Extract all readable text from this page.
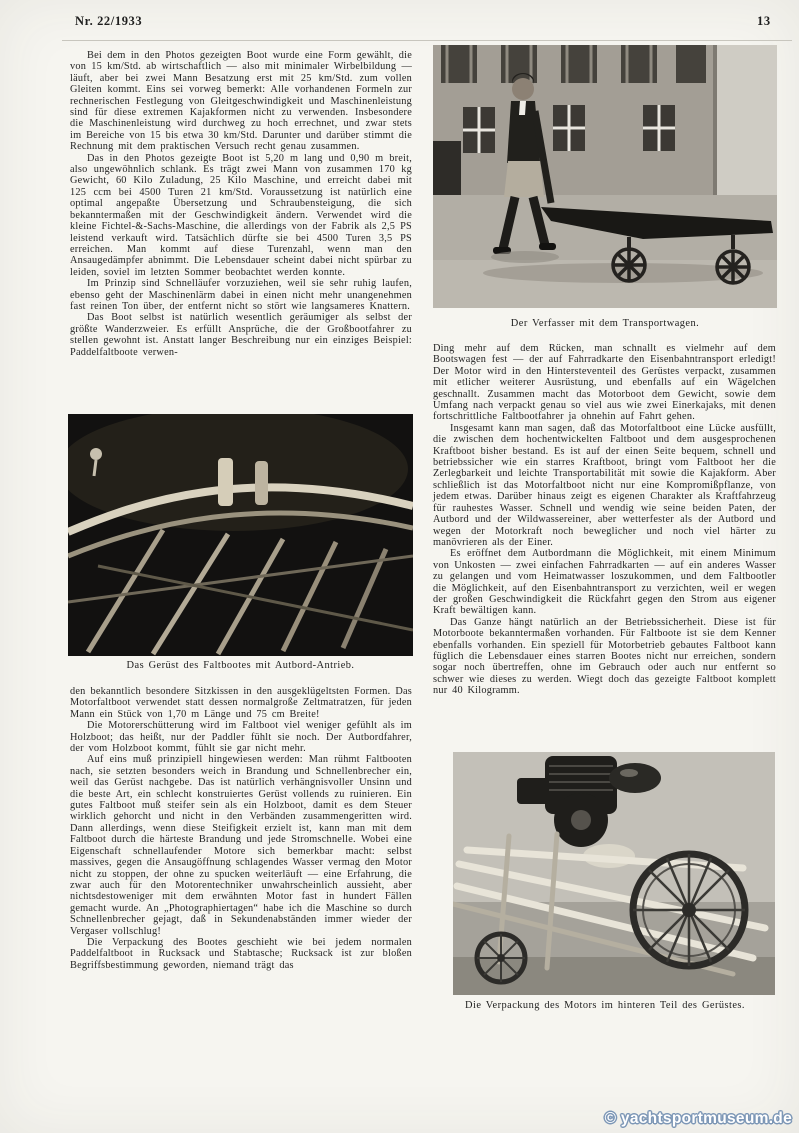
Nr. 22/1933	13

Bei dem in den Photos gezeigten Boot wurde eine Form gewählt, die von 15 km/Std. ab wirtschaftlich — also mit minimaler Wirbelbildung — läuft, aber bei zwei Mann Besatzung erst mit 25 km/Std. zum vollen Gleiten kommt. Eins sei vorweg bemerkt: Alle vorhandenen Formeln zur rechnerischen Festlegung von Gleitgeschwindigkeit und Maschinenleistung sind für diese extremen Kajakformen nicht zu verwenden. Insbesondere die Maschinenleistung wird durchweg zu hoch errechnet, und zwar stets im Bereiche von 15 bis etwa 30 km/Std. Darunter und darüber stimmt die Rechnung mit dem praktischen Versuch recht genau zusammen.

Das in den Photos gezeigte Boot ist 5,20 m lang und 0,90 m breit, also ungewöhnlich schlank. Es trägt zwei Mann von zusammen 170 kg Gewicht, 60 Kilo Zuladung, 25 Kilo Maschine, und erreicht dabei mit 125 ccm bei 4500 Turen 21 km/Std. Voraussetzung ist natürlich eine optimal angepaßte Übersetzung und Schraubensteigung, die sich bekanntermaßen mit der Geschwindigkeit ändern. Verwendet wird die kleine Fichtel-&-Sachs-Maschine, die allerdings von der Fabrik als 2,5 PS leistend verkauft wird. Tatsächlich dürfte sie bei 4500 Turen 3,5 PS erreichen. Man kommt auf diese Turenzahl, wenn man den Ansaugedämpfer abnimmt. Die Lebensdauer scheint dabei nicht spürbar zu leiden, soviel im letzten Sommer beobachtet werden konnte.

Im Prinzip sind Schnelläufer vorzuziehen, weil sie sehr ruhig laufen, ebenso geht der Maschinenlärm dabei in einen nicht mehr unangenehmen fast reinen Ton über, der entfernt nicht so stört wie langsameres Knattern.

Das Boot selbst ist natürlich wesentlich geräumiger als selbst der größte Wanderzweier. Es erfüllt Ansprüche, die der Großbootfahrer zu stellen gewohnt ist. Anstatt langer Beschreibung nur ein einziges Beispiel: Paddelfaltboote verwen-

Das Gerüst des Faltbootes mit Autbord-Antrieb.

den bekanntlich besondere Sitzkissen in den ausgeklügeltsten Formen. Das Motorfaltboot verwendet statt dessen normalgroße Zeltmatratzen, für jeden Mann ein Stück von 1,70 m Länge und 75 cm Breite!

Die Motorerschütterung wird im Faltboot viel weniger gefühlt als im Holzboot; das heißt, nur der Paddler fühlt sie noch. Der Autbordfahrer, der vom Holzboot kommt, fühlt sie gar nicht mehr.

Auf eins muß prinzipiell hingewiesen werden: Man rühmt Faltbooten nach, sie setzten besonders weich in Brandung und Schnellenbrecher ein, weil das Gerüst nachgebe. Das ist natürlich verhängnisvoller Unsinn und die beste Art, ein schlecht konstruiertes Gerüst vollends zu ruinieren. Ein gutes Faltboot muß steifer sein als ein Holzboot, damit es dem Steuer wirklich gehorcht und nicht in den Verbänden zusammengeritten wird. Dann allerdings, wenn diese Steifigkeit erzielt ist, kann man mit dem Faltboot durch die härteste Brandung und jede Stromschnelle. Wobei eine Eigenschaft schnellaufender Motore sich bemerkbar macht: selbst massives, gegen die Ansaugöffnung schlagendes Wasser vermag den Motor nicht zu stoppen, der ohne zu spucken weiterläuft — eine Erfahrung, die zwar auch für den Motorentechniker unwahrscheinlich aussieht, aber nichtsdestoweniger mit dem erwähnten Motor fast in hundert Fällen gemacht wurde. An „Photographiertagen“ habe ich die Maschine so durch Schnellenbrecher gejagt, daß in Sekundenabständen immer wieder der Vergaser vollschlug!

Die Verpackung des Bootes geschieht wie bei jedem normalen Paddelfaltboot in Rucksack und Stabtasche; Rucksack ist zur bloßen Begriffsbestimmung geworden, niemand trägt das

Der Verfasser mit dem Transportwagen.

Ding mehr auf dem Rücken, man schnallt es vielmehr auf dem Bootswagen fest — der auf Fahrradkarte den Eisenbahntransport erledigt! Der Motor wird in den Hintersteventeil des Gerüstes verpackt, zusammen mit etlicher weiterer Ausrüstung, und ebenfalls auf ein Wägelchen geschnallt. Zusammen macht das Motorboot dem Gewicht, sowie dem Umfang nach verpackt genau so viel aus wie zwei Einerkajaks, mit denen fortschrittliche Faltbootfahrer ja ohnehin auf Fahrt gehen.

Insgesamt kann man sagen, daß das Motorfaltboot eine Lücke ausfüllt, die zwischen dem hochentwickelten Faltboot und dem ausgesprochenen Kraftboot bisher bestand. Es ist auf der einen Seite bequem, schnell und betriebssicher wie ein starres Kraftboot, bringt vom Faltboot her die Zerlegbarkeit und leichte Transportabilität mit sowie die Kajakform. Aber schließlich ist das Motorfaltboot nicht nur eine Kompromißpflanze, von jedem etwas. Darüber hinaus zeigt es eigenen Charakter als Kraftfahrzeug für rauhestes Wasser. Schnell und wendig wie seine beiden Paten, der Autbord und der Wildwassereiner, aber wetterfester als der Autbord und wegen der Motorkraft noch beweglicher und noch viel härter zu manövrieren als der Einer.

Es eröffnet dem Autbordmann die Möglichkeit, mit einem Minimum von Unkosten — zwei einfachen Fahrradkarten — auf ein anderes Wasser zu gelangen und vom Heimatwasser loszukommen, und dem Faltbootler die Möglichkeit, auf den Eisenbahntransport zu verzichten, weil er wegen der großen Geschwindigkeit die Rückfahrt gegen den Strom aus eigener Kraft bewältigen kann.

Das Ganze hängt natürlich an der Betriebssicherheit. Diese ist für Motorboote bekanntermaßen vorhanden. Für Faltboote ist sie dem Kenner ebenfalls vorhanden. Ein speziell für Motorbetrieb gebautes Faltboot kann füglich die Lebensdauer eines starren Bootes nicht nur erreichen, sondern sogar noch übertreffen, ohne im Gebrauch oder auch nur entfernt so schwer wie dieses zu werden. Wiegt doch das gezeigte Faltboot komplett nur 40 Kilogramm.

Die Verpackung des Motors im hinteren Teil des Gerüstes.
© yachtsportmuseum.de
